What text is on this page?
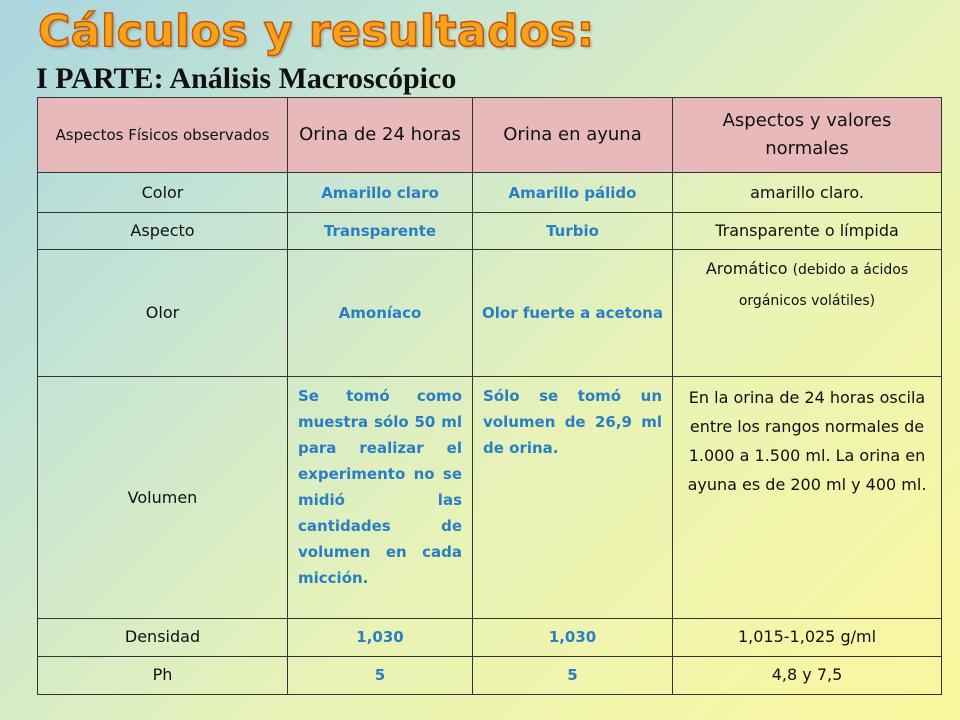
Cálculos y resultados:
I PARTE: Análisis Macroscópico
Aspectos Físicos observados	Orina de 24 horas	Orina en ayuna	Aspectos y valores normales
Color	Amarillo claro	Amarillo pálido	amarillo claro.
Aspecto	Transparente	Turbio	Transparente o límpida
Olor	Amoníaco	Olor fuerte a acetona	Aromático (debido a ácidos orgánicos volátiles)
Volumen	Se tomó como muestra sólo 50 ml para realizar el experimento no se midió las cantidades de volumen en cada micción.	Sólo se tomó un volumen de 26,9 ml de orina.	En la orina de 24 horas oscila entre los rangos normales de 1.000 a 1.500 ml. La orina en ayuna es de 200 ml y 400 ml.
Densidad	1,030	1,030	1,015-1,025 g/ml
Ph	5	5	4,8 y 7,5
